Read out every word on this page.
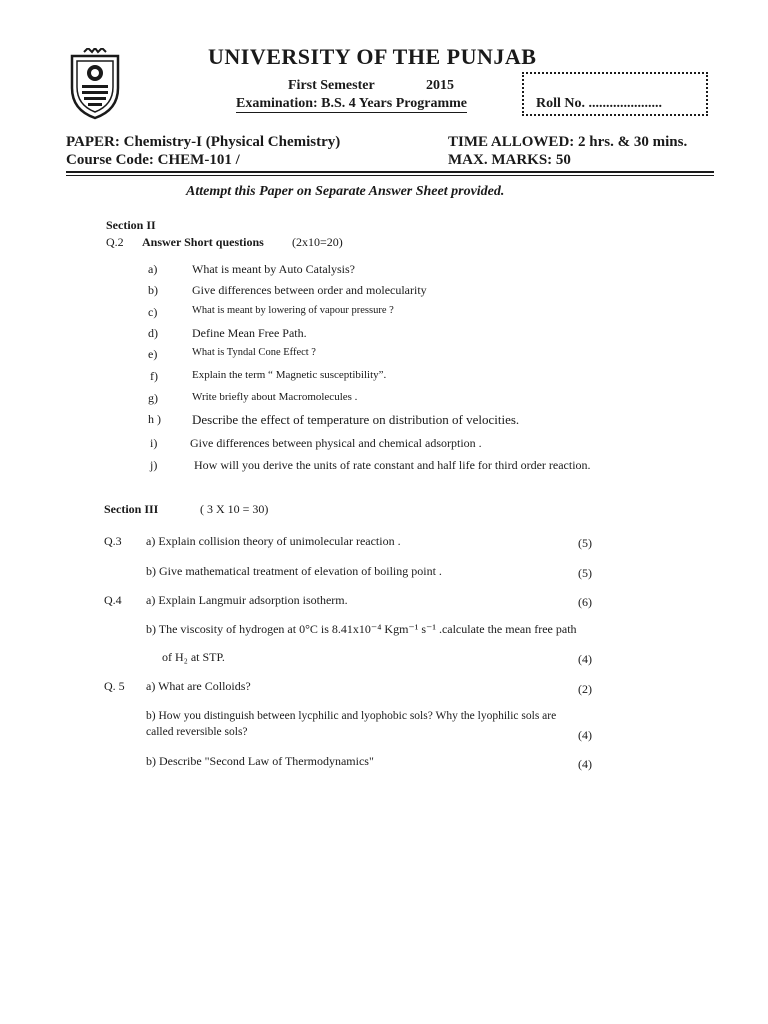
UNIVERSITY OF THE PUNJAB
First Semester	2015
Examination: B.S. 4 Years Programme	Roll No. .....................
PAPER: Chemistry-I (Physical Chemistry)
Course Code: CHEM-101 /
TIME ALLOWED: 2 hrs. & 30 mins.
MAX. MARKS: 50
Attempt this Paper on Separate Answer Sheet provided.
Section II
Q.2 Answer Short questions (2x10=20)
a)	What is meant by Auto Catalysis?
b)	Give differences between order and molecularity
c)	What is meant by lowering of vapour pressure ?
d)	Define Mean Free Path.
e)	What is Tyndal Cone Effect ?
f)	Explain the term “ Magnetic susceptibility”.
g)	Write briefly about Macromolecules .
h ) Describe the effect of temperature on distribution of velocities.
i)	Give differences between physical and chemical adsorption .
j)	How will you derive the units of rate constant and half life for third order reaction.
Section III	( 3 X 10 = 30)
Q.3 a) Explain collision theory of unimolecular reaction .	(5)
b) Give mathematical treatment of elevation of boiling point .	(5)
Q.4 a) Explain Langmuir adsorption isotherm.	(6)
b) The viscosity of hydrogen at 0°C is 8.41x10⁻⁴ Kgm⁻¹ s⁻¹ .calculate the mean free path
of H₂ at STP.	(4)
Q. 5 a) What are Colloids?	(2)
b) How you distinguish between lycphilic and lyophobic sols? Why the lyophilic sols are
called reversible sols?	(4)
b) Describe "Second Law of Thermodynamics"	(4)
